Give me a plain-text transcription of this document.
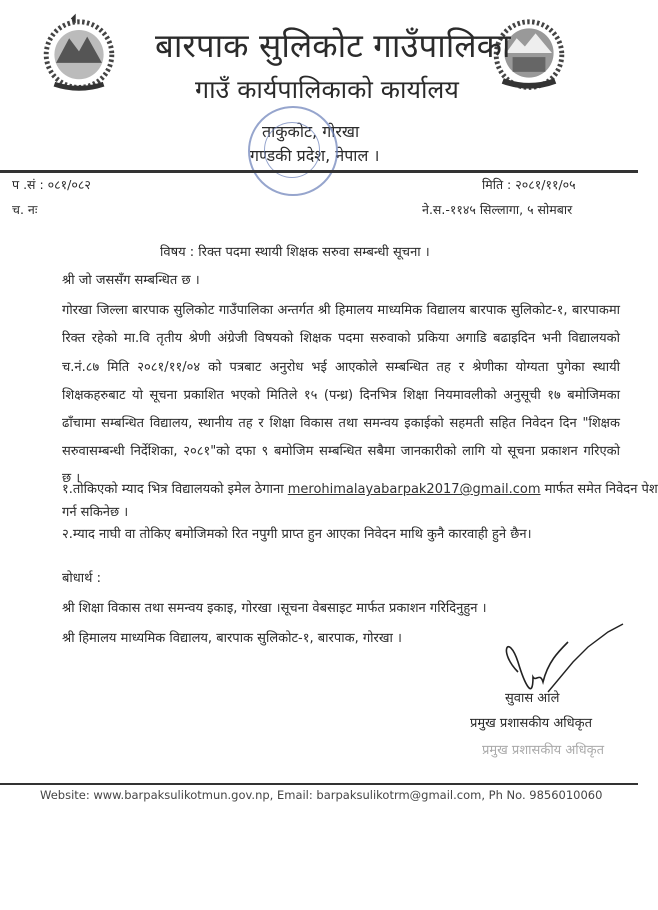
बारपाक सुलिकोट गाउँपालिका
गाउँ कार्यपालिकाको कार्यालय
ताकुकोट, गोरखा
गण्डकी प्रदेश, नेपाल ।
प .सं : ०८१/०८२
च. नः
मिति : २०८१/११/०५
ने.स.-११४५ सिल्लागा, ५ सोमबार
विषय : रिक्त पदमा स्थायी शिक्षक सरुवा सम्बन्धी सूचना ।
श्री जो जससँग सम्बन्धित छ ।
गोरखा जिल्ला बारपाक सुलिकोट गाउँपालिका अन्तर्गत श्री हिमालय माध्यमिक विद्यालय बारपाक सुलिकोट-१, बारपाकमा
रिक्त रहेको मा.वि तृतीय श्रेणी अंग्रेजी विषयको शिक्षक पदमा सरुवाको प्रकिया अगाडि बढाइदिन भनी विद्यालयको
च.नं.८७ मिति २०८१/११/०४ को पत्रबाट अनुरोध भई आएकोले सम्बन्धित तह र श्रेणीका योग्यता पुगेका स्थायी
शिक्षकहरुबाट यो सूचना प्रकाशित भएको मितिले १५ (पन्ध्र) दिनभित्र शिक्षा नियमावलीको अनुसूची १७ बमोजिमका
ढाँचामा सम्बन्धित विद्यालय, स्थानीय तह र शिक्षा विकास तथा समन्वय इकाईको सहमती सहित निवेदन दिन "शिक्षक
सरुवासम्बन्धी निर्देशिका, २०८१"को दफा ९ बमोजिम सम्बन्धित सबैमा जानकारीको लागि यो सूचना प्रकाशन गरिएको
छ ।
१.तोकिएको म्याद भित्र विद्यालयको इमेल ठेगाना merohimalayabarpak2017@gmail.com मार्फत समेत निवेदन पेश
गर्न सकिनेछ ।
२.म्याद नाघी वा तोकिए बमोजिमको रित नपुगी प्राप्त हुन आएका निवेदन माथि कुनै कारवाही हुने छैन।
बोधार्थ :
श्री शिक्षा विकास तथा समन्वय इकाइ, गोरखा ।सूचना वेबसाइट मार्फत प्रकाशन गरिदिनुहुन ।
श्री हिमालय माध्यमिक विद्यालय, बारपाक सुलिकोट-१, बारपाक, गोरखा ।
सुवास आले
प्रमुख प्रशासकीय अधिकृत
प्रमुख प्रशासकीय अधिकृत
Website: www.barpaksulikotmun.gov.np, Email: barpaksulikotrm@gmail.com, Ph No. 9856010060
